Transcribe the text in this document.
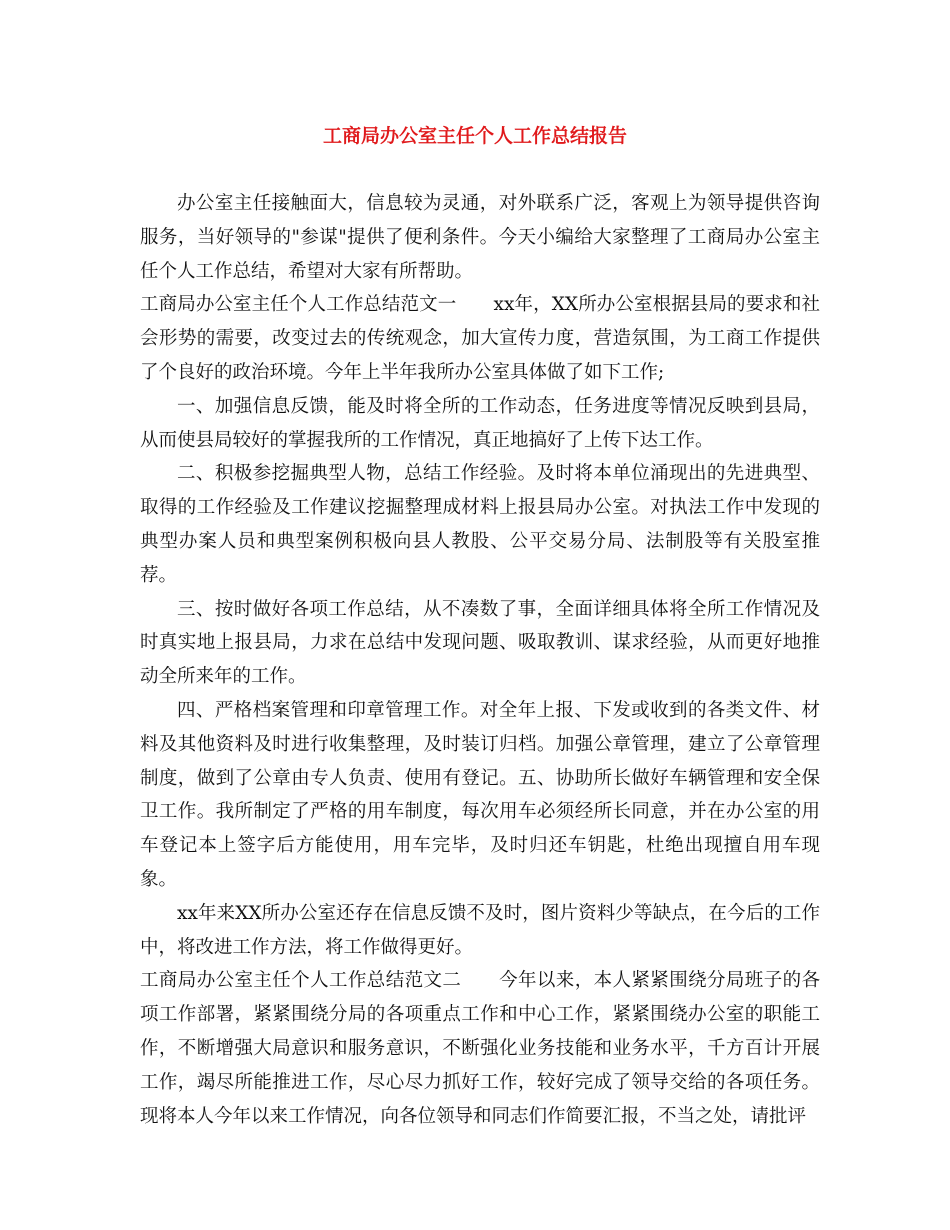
工商局办公室主任个人工作总结报告

办公室主任接触面大，信息较为灵通，对外联系广泛，客观上为领导提供咨询服务，当好领导的"参谋"提供了便利条件。今天小编给大家整理了工商局办公室主任个人工作总结，希望对大家有所帮助。

工商局办公室主任个人工作总结范文一　　xx年，XX所办公室根据县局的要求和社会形势的需要，改变过去的传统观念，加大宣传力度，营造氛围，为工商工作提供了个良好的政治环境。今年上半年我所办公室具体做了如下工作;

一、加强信息反馈，能及时将全所的工作动态，任务进度等情况反映到县局，从而使县局较好的掌握我所的工作情况，真正地搞好了上传下达工作。

二、积极参挖掘典型人物，总结工作经验。及时将本单位涌现出的先进典型、取得的工作经验及工作建议挖掘整理成材料上报县局办公室。对执法工作中发现的典型办案人员和典型案例积极向县人教股、公平交易分局、法制股等有关股室推荐。

三、按时做好各项工作总结，从不凑数了事，全面详细具体将全所工作情况及时真实地上报县局，力求在总结中发现问题、吸取教训、谋求经验，从而更好地推动全所来年的工作。

四、严格档案管理和印章管理工作。对全年上报、下发或收到的各类文件、材料及其他资料及时进行收集整理，及时装订归档。加强公章管理，建立了公章管理制度，做到了公章由专人负责、使用有登记。五、协助所长做好车辆管理和安全保卫工作。我所制定了严格的用车制度，每次用车必须经所长同意，并在办公室的用车登记本上签字后方能使用，用车完毕，及时归还车钥匙，杜绝出现擅自用车现象。

xx年来XX所办公室还存在信息反馈不及时，图片资料少等缺点，在今后的工作中，将改进工作方法，将工作做得更好。

工商局办公室主任个人工作总结范文二　　今年以来，本人紧紧围绕分局班子的各项工作部署，紧紧围绕分局的各项重点工作和中心工作，紧紧围绕办公室的职能工作，不断增强大局意识和服务意识，不断强化业务技能和业务水平，千方百计开展工作，竭尽所能推进工作，尽心尽力抓好工作，较好完成了领导交给的各项任务。现将本人今年以来工作情况，向各位领导和同志们作简要汇报，不当之处，请批评
